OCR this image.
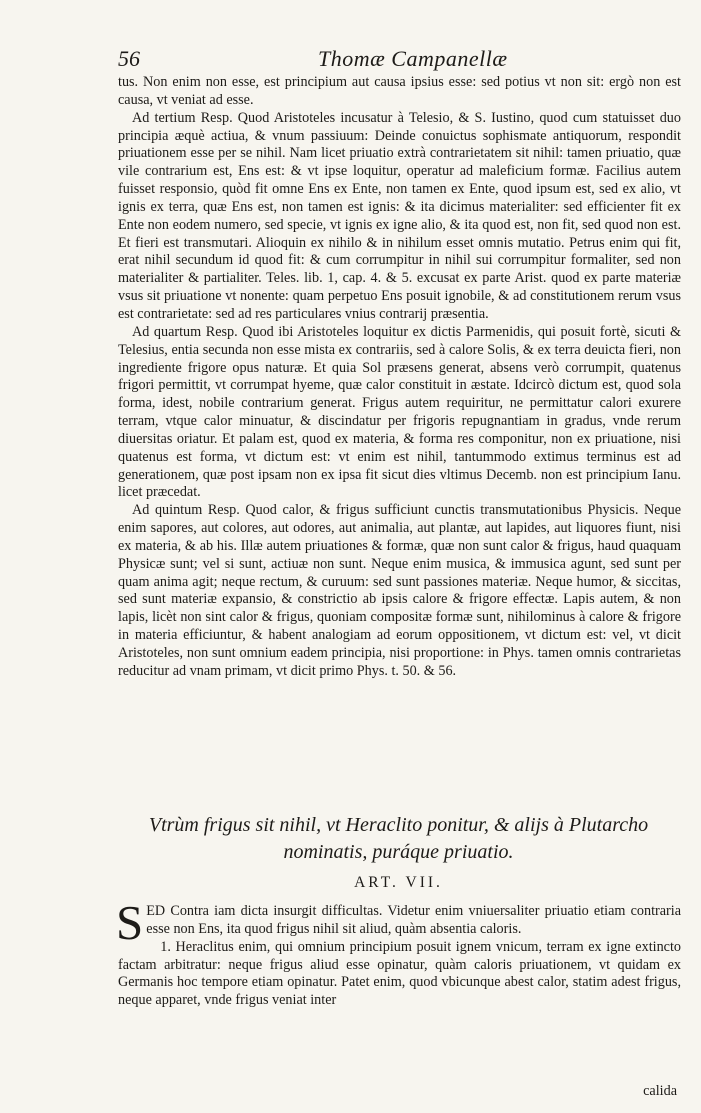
56	Thomæ Campanellæ

tus. Non enim non esse, est principium aut causa ipsius esse: sed potius vt non sit: ergò non est causa, vt veniat ad esse.

Ad tertium Resp. Quod Aristoteles incusatur à Telesio, & S. Iustino, quod cum statuisset duo principia æquè actiua, & vnum passiuum: Deinde conuictus sophismate antiquorum, respondit priuationem esse per se nihil. Nam licet priuatio extrà contrarietatem sit nihil: tamen priuatio, quæ vile contrarium est, Ens est: & vt ipse loquitur, operatur ad maleficium formæ. Facilius autem fuisset responsio, quòd fit omne Ens ex Ente, non tamen ex Ente, quod ipsum est, sed ex alio, vt ignis ex terra, quæ Ens est, non tamen est ignis: & ita dicimus materialiter: sed efficienter fit ex Ente non eodem numero, sed specie, vt ignis ex igne alio, & ita quod est, non fit, sed quod non est. Et fieri est transmutari. Alioquin ex nihilo & in nihilum esset omnis mutatio. Petrus enim qui fit, erat nihil secundum id quod fit: & cum corrumpitur in nihil sui corrumpitur formaliter, sed non materialiter & partialiter. Teles. lib. 1, cap. 4. & 5. excusat ex parte Arist. quod ex parte materiæ vsus sit priuatione vt nonente: quam perpetuo Ens posuit ignobile, & ad constitutionem rerum vsus est contrarietate: sed ad res particulares vnius contrarij præsentia.

Ad quartum Resp. Quod ibi Aristoteles loquitur ex dictis Parmenidis, qui posuit fortè, sicuti & Telesius, entia secunda non esse mista ex contrariis, sed à calore Solis, & ex terra deuicta fieri, non ingrediente frigore opus naturæ. Et quia Sol præsens generat, absens verò corrumpit, quatenus frigori permittit, vt corrumpat hyeme, quæ calor constituit in æstate. Idcircò dictum est, quod sola forma, idest, nobile contrarium generat. Frigus autem requiritur, ne permittatur calori exurere terram, vtque calor minuatur, & discindatur per frigoris repugnantiam in gradus, vnde rerum diuersitas oriatur. Et palam est, quod ex materia, & forma res componitur, non ex priuatione, nisi quatenus est forma, vt dictum est: vt enim est nihil, tantummodo extimus terminus est ad generationem, quæ post ipsam non ex ipsa fit sicut dies vltimus Decemb. non est principium Ianu. licet præcedat.

Ad quintum Resp. Quod calor, & frigus sufficiunt cunctis transmutationibus Physicis. Neque enim sapores, aut colores, aut odores, aut animalia, aut plantæ, aut lapides, aut liquores fiunt, nisi ex materia, & ab his. Illæ autem priuationes & formæ, quæ non sunt calor & frigus, haud quaquam Physicæ sunt; vel si sunt, actiuæ non sunt. Neque enim musica, & immusica agunt, sed sunt per quam anima agit; neque rectum, & curuum: sed sunt passiones materiæ. Neque humor, & siccitas, sed sunt materiæ expansio, & constrictio ab ipsis calore & frigore effectæ. Lapis autem, & non lapis, licèt non sint calor & frigus, quoniam compositæ formæ sunt, nihilominus à calore & frigore in materia efficiuntur, & habent analogiam ad eorum oppositionem, vt dictum est: vel, vt dicit Aristoteles, non sunt omnium eadem principia, nisi proportione: in Phys. tamen omnis contrarietas reducitur ad vnam primam, vt dicit primo Phys. t. 50. & 56.

Vtrùm frigus sit nihil, vt Heraclito ponitur, & alijs à Plutarcho nominatis, puráque priuatio.
ART. VII.

SED Contra iam dicta insurgit difficultas. Videtur enim vniuersaliter priuatio etiam contraria esse non Ens, ita quod frigus nihil sit aliud, quàm absentia caloris.

1. Heraclitus enim, qui omnium principium posuit ignem vnicum, terram ex igne extincto factam arbitratur: neque frigus aliud esse opinatur, quàm caloris priuationem, vt quidam ex Germanis hoc tempore etiam opinatur. Patet enim, quod vbicunque abest calor, statim adest frigus, neque apparet, vnde frigus veniat inter

calida
